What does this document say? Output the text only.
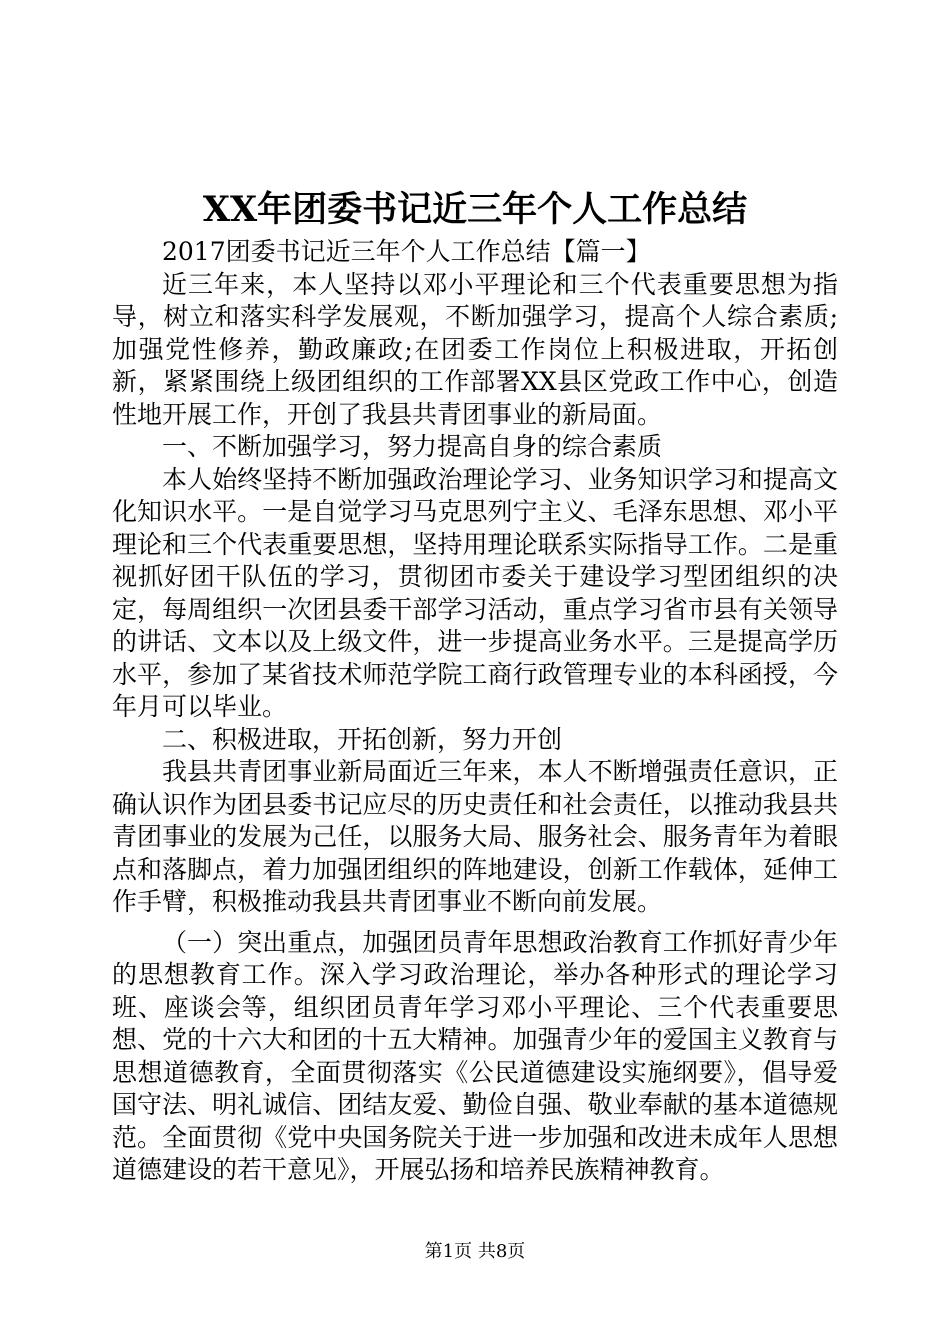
XX年团委书记近三年个人工作总结

2017团委书记近三年个人工作总结【篇一】

近三年来，本人坚持以邓小平理论和三个代表重要思想为指导，树立和落实科学发展观，不断加强学习，提高个人综合素质;加强党性修养，勤政廉政;在团委工作岗位上积极进取，开拓创新，紧紧围绕上级团组织的工作部署XX县区党政工作中心，创造性地开展工作，开创了我县共青团事业的新局面。

一、不断加强学习，努力提高自身的综合素质

本人始终坚持不断加强政治理论学习、业务知识学习和提高文化知识水平。一是自觉学习马克思列宁主义、毛泽东思想、邓小平理论和三个代表重要思想，坚持用理论联系实际指导工作。二是重视抓好团干队伍的学习，贯彻团市委关于建设学习型团组织的决定，每周组织一次团县委干部学习活动，重点学习省市县有关领导的讲话、文本以及上级文件，进一步提高业务水平。三是提高学历水平，参加了某省技术师范学院工商行政管理专业的本科函授，今年月可以毕业。

二、积极进取，开拓创新，努力开创

我县共青团事业新局面近三年来，本人不断增强责任意识，正确认识作为团县委书记应尽的历史责任和社会责任，以推动我县共青团事业的发展为己任，以服务大局、服务社会、服务青年为着眼点和落脚点，着力加强团组织的阵地建设，创新工作载体，延伸工作手臂，积极推动我县共青团事业不断向前发展。

（一）突出重点，加强团员青年思想政治教育工作抓好青少年的思想教育工作。深入学习政治理论，举办各种形式的理论学习班、座谈会等，组织团员青年学习邓小平理论、三个代表重要思想、党的十六大和团的十五大精神。加强青少年的爱国主义教育与思想道德教育，全面贯彻落实《公民道德建设实施纲要》，倡导爱国守法、明礼诚信、团结友爱、勤俭自强、敬业奉献的基本道德规范。全面贯彻《党中央国务院关于进一步加强和改进未成年人思想道德建设的若干意见》，开展弘扬和培养民族精神教育。

第1页 共8页
